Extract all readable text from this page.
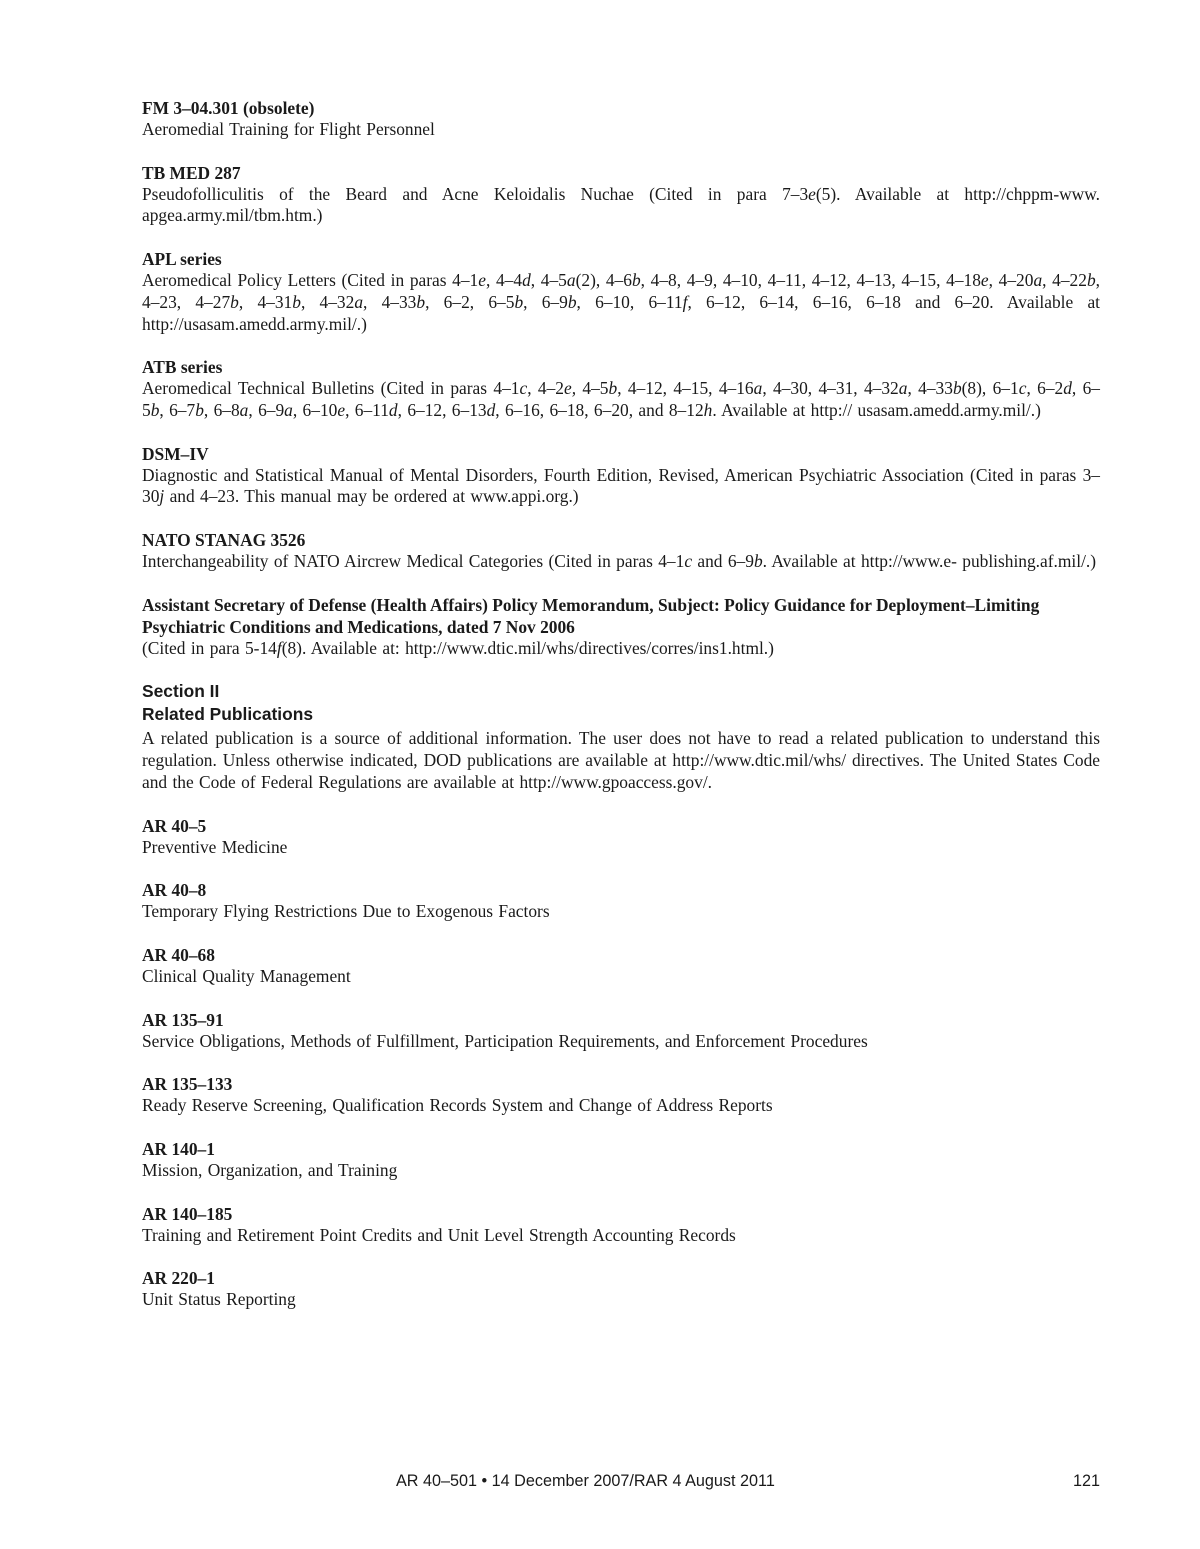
FM 3–04.301 (obsolete)
Aeromedial Training for Flight Personnel
TB MED 287
Pseudofolliculitis of the Beard and Acne Keloidalis Nuchae (Cited in para 7–3e(5). Available at http://chppm-www. apgea.army.mil/tbm.htm.)
APL series
Aeromedical Policy Letters (Cited in paras 4–1e, 4–4d, 4–5a(2), 4–6b, 4–8, 4–9, 4–10, 4–11, 4–12, 4–13, 4–15, 4–18e, 4–20a, 4–22b, 4–23, 4–27b, 4–31b, 4–32a, 4–33b, 6–2, 6–5b, 6–9b, 6–10, 6–11f, 6–12, 6–14, 6–16, 6–18 and 6–20. Available at http://usasam.amedd.army.mil/.)
ATB series
Aeromedical Technical Bulletins (Cited in paras 4–1c, 4–2e, 4–5b, 4–12, 4–15, 4–16a, 4–30, 4–31, 4–32a, 4–33b(8), 6–1c, 6–2d, 6–5b, 6–7b, 6–8a, 6–9a, 6–10e, 6–11d, 6–12, 6–13d, 6–16, 6–18, 6–20, and 8–12h. Available at http:// usasam.amedd.army.mil/.)
DSM–IV
Diagnostic and Statistical Manual of Mental Disorders, Fourth Edition, Revised, American Psychiatric Association (Cited in paras 3–30j and 4–23. This manual may be ordered at www.appi.org.)
NATO STANAG 3526
Interchangeability of NATO Aircrew Medical Categories (Cited in paras 4–1c and 6–9b. Available at http://www.e- publishing.af.mil/.)
Assistant Secretary of Defense (Health Affairs) Policy Memorandum, Subject: Policy Guidance for Deployment–Limiting Psychiatric Conditions and Medications, dated 7 Nov 2006
(Cited in para 5-14f(8). Available at: http://www.dtic.mil/whs/directives/corres/ins1.html.)
Section II
Related Publications
A related publication is a source of additional information. The user does not have to read a related publication to understand this regulation. Unless otherwise indicated, DOD publications are available at http://www.dtic.mil/whs/ directives. The United States Code and the Code of Federal Regulations are available at http://www.gpoaccess.gov/.
AR 40–5
Preventive Medicine
AR 40–8
Temporary Flying Restrictions Due to Exogenous Factors
AR 40–68
Clinical Quality Management
AR 135–91
Service Obligations, Methods of Fulfillment, Participation Requirements, and Enforcement Procedures
AR 135–133
Ready Reserve Screening, Qualification Records System and Change of Address Reports
AR 140–1
Mission, Organization, and Training
AR 140–185
Training and Retirement Point Credits and Unit Level Strength Accounting Records
AR 220–1
Unit Status Reporting
AR 40–501 • 14 December 2007/RAR 4 August 2011	121
